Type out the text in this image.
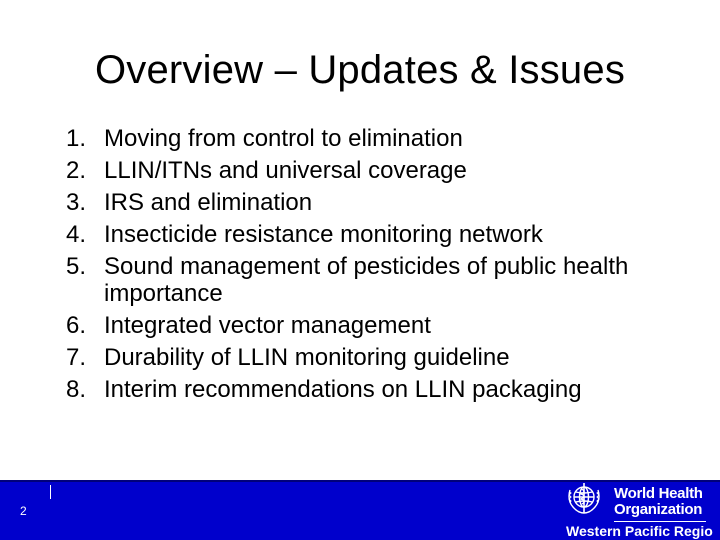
Overview – Updates & Issues
1. Moving from control to elimination
2. LLIN/ITNs and universal coverage
3. IRS and elimination
4. Insecticide resistance monitoring network
5. Sound management of pesticides of public health importance
6. Integrated vector management
7. Durability of LLIN monitoring guideline
8. Interim recommendations on LLIN packaging
2
World Health
Organization
Western Pacific Regio
